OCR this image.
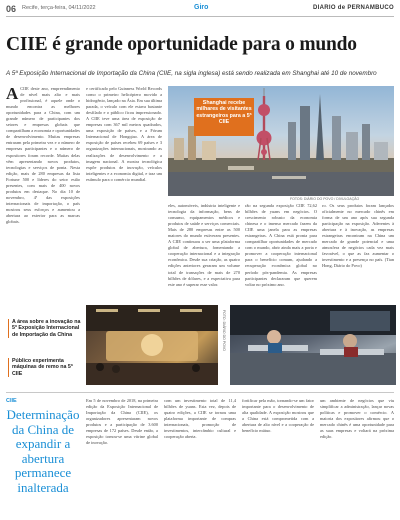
06 Recife, terça-feira, 04/11/2022	Giro	DIARIO de PERNAMBUCO
CIIE é grande oportunidade para o mundo
A 5ª Exposição Internacional de Importação da China (CIIE, na sigla inglesa) está sendo realizada em Shanghai até 10 de novembro
A CIIE deste ano, empreendimento de nível mais alto e mais profissional, é aquele onde o mundo encontra as melhores oportunidades para a China, com um grande número de participantes dos setores e empresas globais que compartilham a economia e oportunidades de desenvolvimento. Muitas empresas entraram pela primeira vez e o número de empresas participantes e o número de expositores foram recorde. Muitas delas vêm apresentando novos produtos, tecnologias e serviços de ponta. Nesta edição, mais de 280 empresas da lista Fortune 500 e líderes do setor estão presentes, com mais de 400 novos produtos em destaque. No dia 10 de novembro, 4ª das exposições internacionais de importação, o país mostrou seus esforços e aumentou a abertura ao exterior para as marcas globais.

e certificado pelo Guinness World Records como o primeiro helicóptero movido a hidrogênio, lançado na Ásia. Em sua última parada, o veículo com ele estava bastante desfilado e o público ficou impressionado. A CIIE teve uma área de exposição de empresas com 367 mil metros quadrados, uma exposição de países, e a Fórum Internacional de Hongqiao. A área de exposição de países recebeu 69 países e 3 organizações internacionais, mostrando as realizações de desenvolvimento e a imagem nacional. A mostra tecnológica expõe produtos de inovação, veículos inteligentes e a economia digital, e traz um estímulo para o comércio mundial.

eles, automóveis, indústria inteligente e tecnologia da informação, bens de consumo, equipamentos médicos e produtos de saúde e serviços comerciais. Mais de 280 empresas entre as 500 maiores do mundo estiveram presentes. A CIIE continuou a ser uma plataforma global de abertura, fomentando a cooperação internacional e a integração econômica. Desde sua criação, as quatro edições anteriores geraram um volume total de transações de mais de 270 bilhões de dólares, e a expectativa para este ano é superar esse valor.

rão na segunda exposição CIIE 72,62 bilhões de yuans em negócios. O crescimento robusto da economia chinesa e o imenso mercado fazem da CIIE uma janela para as empresas estrangeiras. A China está pronta para compartilhar oportunidades de mercado com o mundo, abrir ainda mais a porta e promover a cooperação internacional para o benefício comum, ajudando a recuperação econômica global no período pós-pandemia. As empresas participantes declararam que querem voltar no próximo ano.

ro. Os seus produtos foram lançados oficialmente no mercado chinês em forma de um ano após sua segunda participação na exposição. Aderentes à abertura e à inovação, as empresas estrangeiras encontram na China um mercado de grande potencial e uma atmosfera de negócios cada vez mais favorável, o que as faz aumentar o investimento e a presença no país. (Tian Hong, Diário do Povo)

Shanghai recebe milhares de visitantes estrangeiros para a 5ª CIIE
FOTOS: DIÁRIO DO POVO / DIVULGAÇÃO
FOTO: DIÁRIO DO POVO
A área sobre a inovação na 5ª Exposição Internacional de Importação da China
Público experimenta máquinas de remo na 5ª CIIE
CIIE
Determinação da China de expandir a abertura permanece inalterada

Em 5 de novembro de 2018, na primeira edição da Exposição Internacional de Importação da China (CIIE), os organizadores apresentaram novos produtos e a participação de 3.600 empresas de 172 países. Desde então, a exposição tornou-se uma vitrine global de inovação.

com um investimento total de 11,4 bilhões de yuans. Esta vez, depois de quatro edições, a CIIE se tornou uma plataforma importante de compras internacionais, promoção de investimentos, intercâmbio cultural e cooperação aberta.

fortificar pela mão, tornando-se um fator importante para o desenvolvimento de alta qualidade. A exposição mostrou que a China está comprometida com a abertura de alto nível e a cooperação de benefício mútuo.

um ambiente de negócios que viu simplificar a administração, lançar novas políticas e promover o comércio. A maioria dos expositores afirmou que o mercado chinês é uma oportunidade para as suas empresas e voltará na próxima edição.
